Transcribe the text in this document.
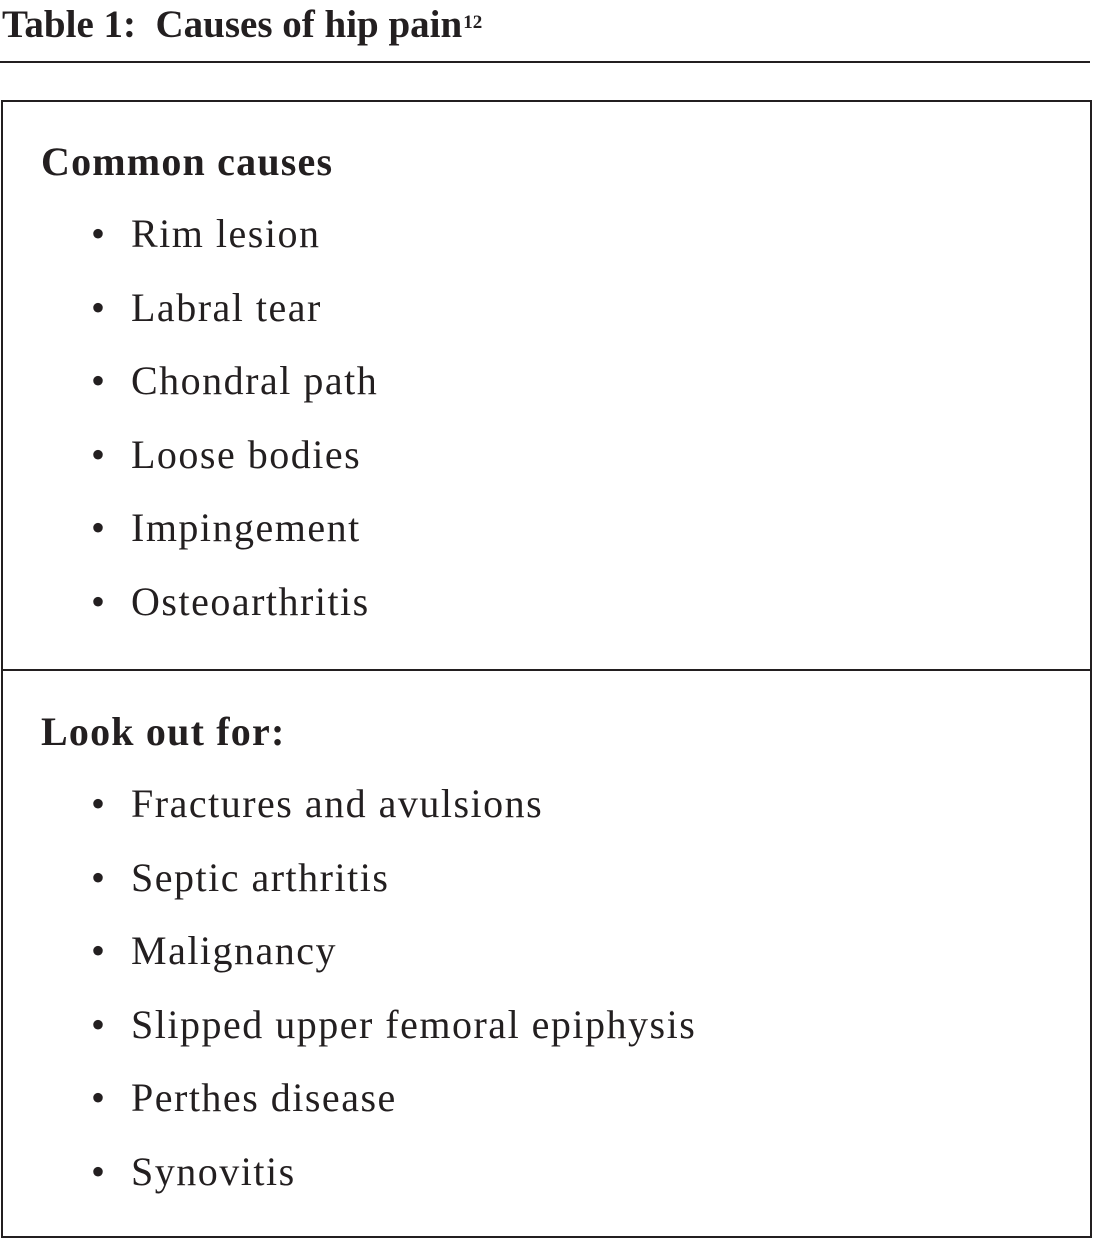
Table 1: Causes of hip pain$^{12}$
Common causes
• Rim lesion
• Labral tear
• Chondral path
• Loose bodies
• Impingement
• Osteoarthritis
Look out for:
• Fractures and avulsions
• Septic arthritis
• Malignancy
• Slipped upper femoral epiphysis
• Perthes disease
• Synovitis
